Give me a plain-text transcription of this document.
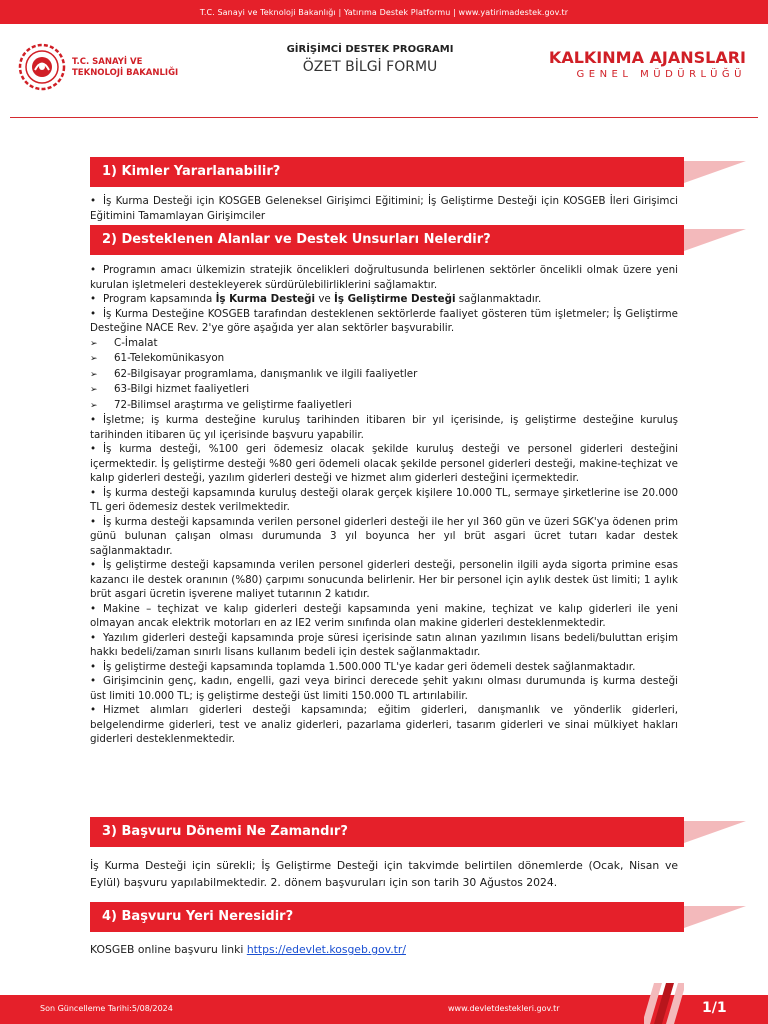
T.C. Sanayi ve Teknoloji Bakanlığı | Yatırıma Destek Platformu | www.yatirimadestek.gov.tr
T.C. SANAYİ VE
TEKNOLOJİ BAKANLIĞI
GİRİŞİMCİ DESTEK PROGRAMI
ÖZET BİLGİ FORMU	KALKINMA AJANSLARI
GENEL MÜDÜRLÜĞÜ
1) Kimler Yararlanabilir?

• İş Kurma Desteği için KOSGEB Geleneksel Girişimci Eğitimini; İş Geliştirme Desteği için KOSGEB İleri Girişimci Eğitimini Tamamlayan Girişimciler

2) Desteklenen Alanlar ve Destek Unsurları Nelerdir?

• Programın amacı ülkemizin stratejik öncelikleri doğrultusunda belirlenen sektörler öncelikli olmak üzere yeni kurulan işletmeleri destekleyerek sürdürülebilirliklerini sağlamaktır.

• Program kapsamında İş Kurma Desteği ve İş Geliştirme Desteği sağlanmaktadır.

• İş Kurma Desteğine KOSGEB tarafından desteklenen sektörlerde faaliyet gösteren tüm işletmeler; İş Geliştirme Desteğine NACE Rev. 2'ye göre aşağıda yer alan sektörler başvurabilir.

➢ C-İmalat

➢ 61-Telekomünikasyon

➢ 62-Bilgisayar programlama, danışmanlık ve ilgili faaliyetler

➢ 63-Bilgi hizmet faaliyetleri

➢ 72-Bilimsel araştırma ve geliştirme faaliyetleri

• İşletme; iş kurma desteğine kuruluş tarihinden itibaren bir yıl içerisinde, iş geliştirme desteğine kuruluş tarihinden itibaren üç yıl içerisinde başvuru yapabilir.

• İş kurma desteği, %100 geri ödemesiz olacak şekilde kuruluş desteği ve personel giderleri desteğini içermektedir. İş geliştirme desteği %80 geri ödemeli olacak şekilde personel giderleri desteği, makine-teçhizat ve kalıp giderleri desteği, yazılım giderleri desteği ve hizmet alım giderleri desteğini içermektedir.

• İş kurma desteği kapsamında kuruluş desteği olarak gerçek kişilere 10.000 TL, sermaye şirketlerine ise 20.000 TL geri ödemesiz destek verilmektedir.

• İş kurma desteği kapsamında verilen personel giderleri desteği ile her yıl 360 gün ve üzeri SGK'ya ödenen prim günü bulunan çalışan olması durumunda 3 yıl boyunca her yıl brüt asgari ücret tutarı kadar destek sağlanmaktadır.

• İş geliştirme desteği kapsamında verilen personel giderleri desteği, personelin ilgili ayda sigorta primine esas kazancı ile destek oranının (%80) çarpımı sonucunda belirlenir. Her bir personel için aylık destek üst limiti; 1 aylık brüt asgari ücretin işverene maliyet tutarının 2 katıdır.

• Makine – teçhizat ve kalıp giderleri desteği kapsamında yeni makine, teçhizat ve kalıp giderleri ile yeni olmayan ancak elektrik motorları en az IE2 verim sınıfında olan makine giderleri desteklenmektedir.

• Yazılım giderleri desteği kapsamında proje süresi içerisinde satın alınan yazılımın lisans bedeli/buluttan erişim hakkı bedeli/zaman sınırlı lisans kullanım bedeli için destek sağlanmaktadır.

• İş geliştirme desteği kapsamında toplamda 1.500.000 TL'ye kadar geri ödemeli destek sağlanmaktadır.

• Girişimcinin genç, kadın, engelli, gazi veya birinci derecede şehit yakını olması durumunda iş kurma desteği üst limiti 10.000 TL; iş geliştirme desteği üst limiti 150.000 TL artırılabilir.

• Hizmet alımları giderleri desteği kapsamında; eğitim giderleri, danışmanlık ve yönderlik giderleri, belgelendirme giderleri, test ve analiz giderleri, pazarlama giderleri, tasarım giderleri ve sinai mülkiyet hakları giderleri desteklenmektedir.

3) Başvuru Dönemi Ne Zamandır?

İş Kurma Desteği için sürekli; İş Geliştirme Desteği için takvimde belirtilen dönemlerde (Ocak, Nisan ve Eylül) başvuru yapılabilmektedir. 2. dönem başvuruları için son tarih 30 Ağustos 2024.

4) Başvuru Yeri Neresidir?

KOSGEB online başvuru linki https://edevlet.kosgeb.gov.tr/

Son Güncelleme Tarihi:5/08/2024	www.devletdestekleri.gov.tr	1/1
